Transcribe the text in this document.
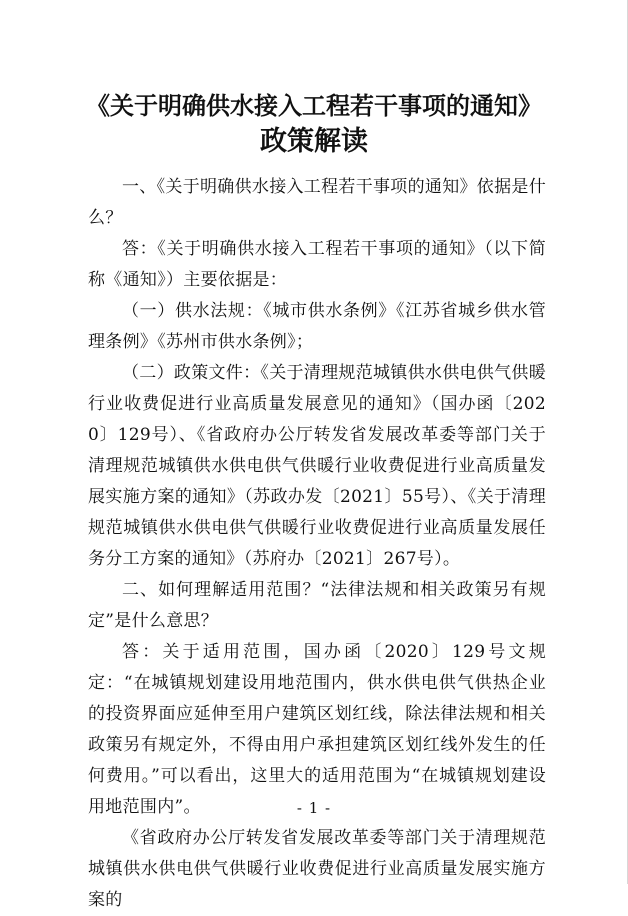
《关于明确供水接入工程若干事项的通知》
政策解读

一、《关于明确供水接入工程若干事项的通知》依据是什么？

答：《关于明确供水接入工程若干事项的通知》（以下简称《通知》）主要依据是：

（一）供水法规：《城市供水条例》《江苏省城乡供水管理条例》《苏州市供水条例》；

（二）政策文件：《关于清理规范城镇供水供电供气供暖行业收费促进行业高质量发展意见的通知》（国办函〔2020〕129号）、《省政府办公厅转发省发展改革委等部门关于清理规范城镇供水供电供气供暖行业收费促进行业高质量发展实施方案的通知》（苏政办发〔2021〕55号）、《关于清理规范城镇供水供电供气供暖行业收费促进行业高质量发展任务分工方案的通知》（苏府办〔2021〕267号）。

二、如何理解适用范围？“法律法规和相关政策另有规定”是什么意思？

答：关于适用范围，国办函〔2020〕129号文规定：“在城镇规划建设用地范围内，供水供电供气供热企业的投资界面应延伸至用户建筑区划红线，除法律法规和相关政策另有规定外，不得由用户承担建筑区划红线外发生的任何费用。”可以看出，这里大的适用范围为“在城镇规划建设用地范围内”。

《省政府办公厅转发省发展改革委等部门关于清理规范城镇供水供电供气供暖行业收费促进行业高质量发展实施方案的

- 1 -
